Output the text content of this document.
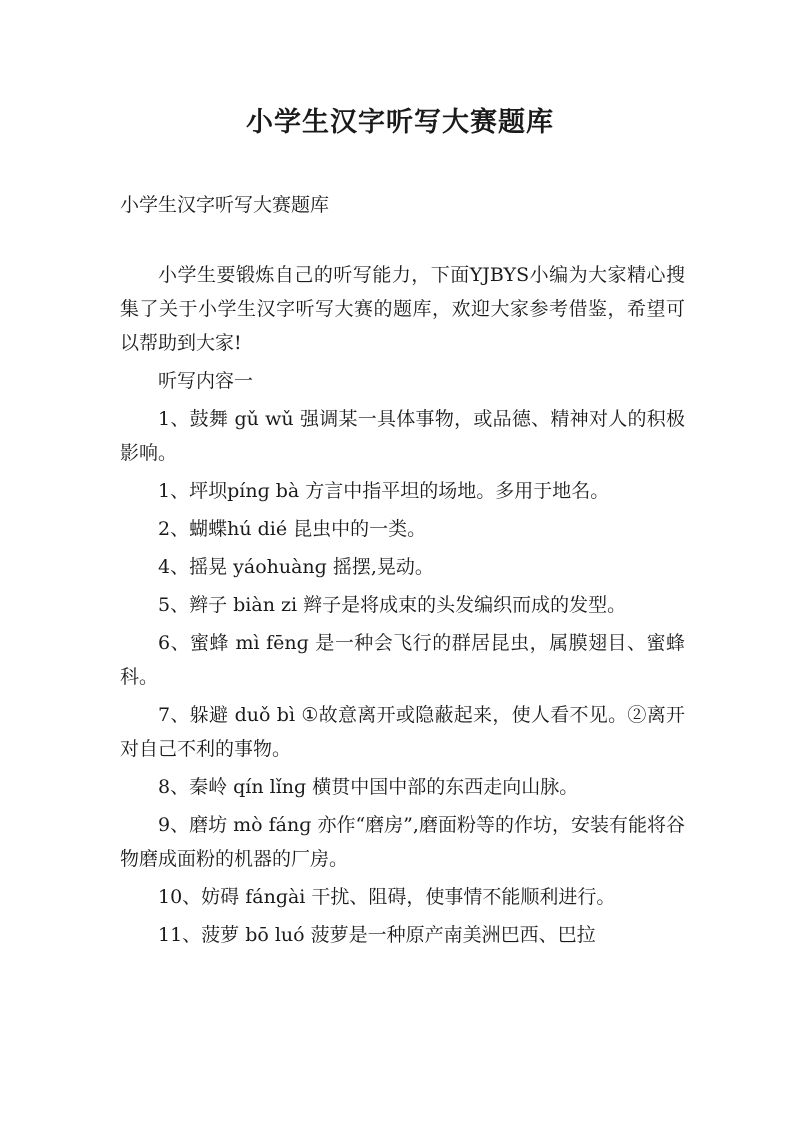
小学生汉字听写大赛题库

小学生汉字听写大赛题库

小学生要锻炼自己的听写能力，下面YJBYS小编为大家精心搜集了关于小学生汉字听写大赛的题库，欢迎大家参考借鉴，希望可以帮助到大家!

听写内容一

1、鼓舞 gǔ wǔ 强调某一具体事物，或品德、精神对人的积极影响。

1、坪坝pínɡ bà 方言中指平坦的场地。多用于地名。

2、蝴蝶hú dié 昆虫中的一类。

4、摇晃 yáohuànɡ 摇摆,晃动。

5、辫子 biàn zi 辫子是将成束的头发编织而成的发型。

6、蜜蜂 mì fēnɡ 是一种会飞行的群居昆虫，属膜翅目、蜜蜂科。

7、躲避 duǒ bì ①故意离开或隐蔽起来，使人看不见。②离开对自己不利的事物。

8、秦岭 qín lǐnɡ 横贯中国中部的东西走向山脉。

9、磨坊 mò fánɡ 亦作“磨房”,磨面粉等的作坊，安装有能将谷物磨成面粉的机器的厂房。

10、妨碍 fánɡài 干扰、阻碍，使事情不能顺利进行。

11、菠萝 bō luó 菠萝是一种原产南美洲巴西、巴拉
